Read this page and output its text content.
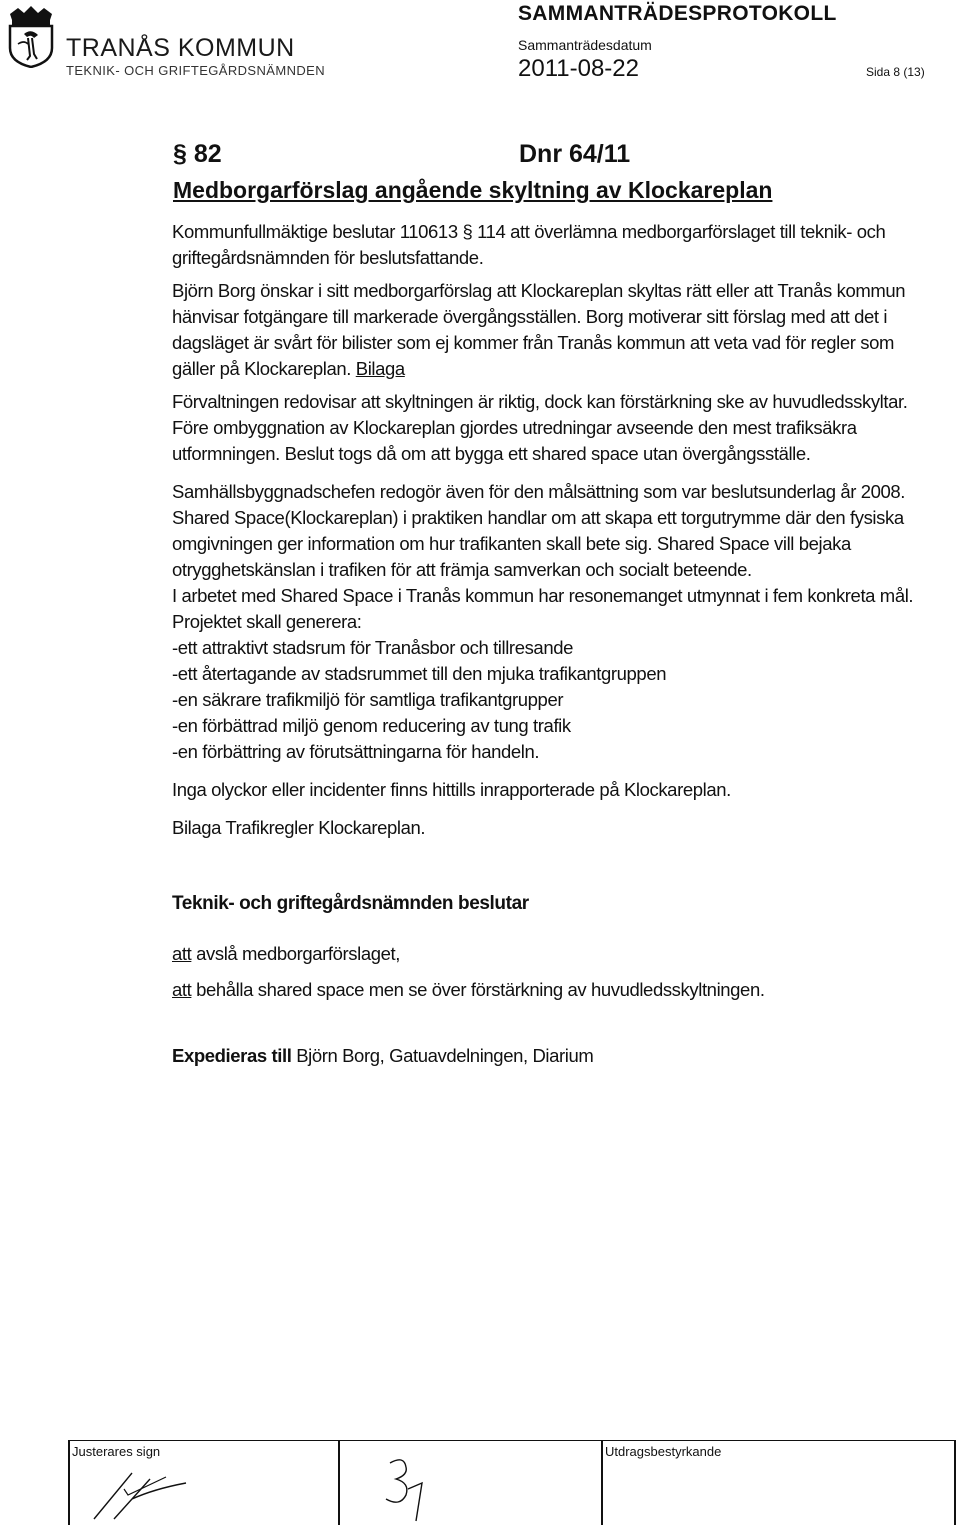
TRANÅS KOMMUN
TEKNIK- OCH GRIFTEGÅRDSNÄMNDEN
SAMMANTRÄDESPROTOKOLL
Sammanträdesdatum
2011-08-22	Sida 8 (13)
§ 82	Dnr 64/11
Medborgarförslag angående skyltning av Klockareplan

Kommunfullmäktige beslutar 110613 § 114 att överlämna medborgarförslaget till teknik- och griftegårdsnämnden för beslutsfattande.

Björn Borg önskar i sitt medborgarförslag att Klockareplan skyltas rätt eller att Tranås kommun hänvisar fotgängare till markerade övergångsställen. Borg motiverar sitt förslag med att det i dagsläget är svårt för bilister som ej kommer från Tranås kommun att veta vad för regler som gäller på Klockareplan. Bilaga

Förvaltningen redovisar att skyltningen är riktig, dock kan förstärkning ske av huvudledsskyltar. Före ombyggnation av Klockareplan gjordes utredningar avseende den mest trafiksäkra utformningen. Beslut togs då om att bygga ett shared space utan övergångsställe.

Samhällsbyggnadschefen redogör även för den målsättning som var beslutsunderlag år 2008.

Shared Space(Klockareplan) i praktiken handlar om att skapa ett torgutrymme där den fysiska omgivningen ger information om hur trafikanten skall bete sig. Shared Space vill bejaka otrygghetskänslan i trafiken för att främja samverkan och socialt beteende.

I arbetet med Shared Space i Tranås kommun har resonemanget utmynnat i fem konkreta mål. Projektet skall generera:

-ett attraktivt stadsrum för Tranåsbor och tillresande

-ett återtagande av stadsrummet till den mjuka trafikantgruppen

-en säkrare trafikmiljö för samtliga trafikantgrupper

-en förbättrad miljö genom reducering av tung trafik

-en förbättring av förutsättningarna för handeln.

Inga olyckor eller incidenter finns hittills inrapporterade på Klockareplan.

Bilaga Trafikregler Klockareplan.

Teknik- och griftegårdsnämnden beslutar

att avslå medborgarförslaget,

att behålla shared space men se över förstärkning av huvudledsskyltningen.

Expedieras till Björn Borg, Gatuavdelningen, Diarium

Justerares sign	Utdragsbestyrkande
